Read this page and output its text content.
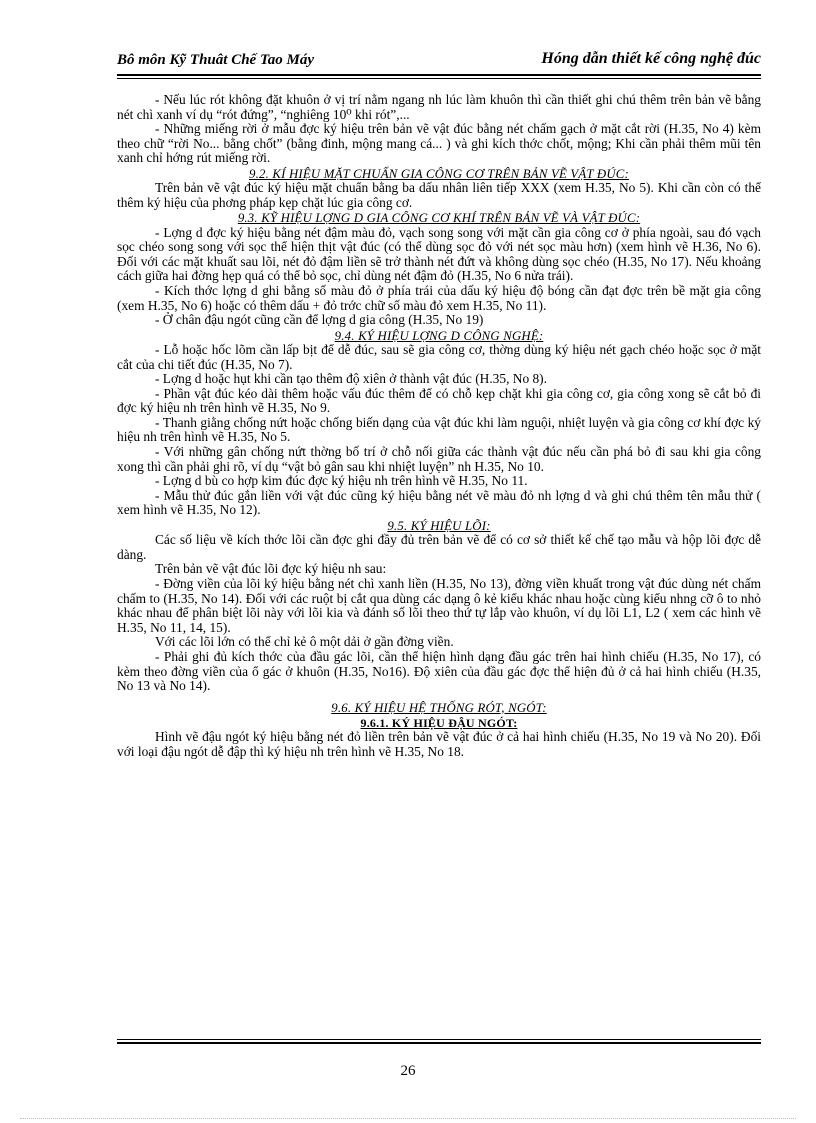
Bô môn Kỹ Thuât Chế Tao Máy	Hóng dẫn thiết kế công nghệ đúc

- Nếu lúc rót không đặt khuôn ở vị trí nằm ngang nh lúc làm khuôn thì cần thiết ghi chú thêm trên bản vẽ bằng nét chì xanh ví dụ “rót đứng”, “nghiêng 10⁰ khi rót”,...

- Những miếng rời ở mẫu đợc ký hiệu trên bản vẽ vật đúc bằng nét chấm gạch ở mặt cắt rời (H.35, No 4) kèm theo chữ “rời No... bằng chốt” (bằng đinh, mộng mang cá... ) và ghi kích thớc chốt, mộng; Khi cần phải thêm mũi tên xanh chỉ hớng rút miếng rời.

9.2. KÍ HIỆU MẶT CHUẨN GIA CÔNG CƠ TRÊN BẢN VẼ VẬT ĐÚC:

Trên bản vẽ vật đúc ký hiệu mặt chuẩn bằng ba dấu nhân liên tiếp XXX (xem H.35, No 5). Khi cần còn có thể thêm ký hiệu của phơng pháp kẹp chặt lúc gia công cơ.

9.3. KỸ HIỆU LỢNG D GIA CÔNG CƠ KHÍ TRÊN BẢN VẼ VÀ VẬT ĐÚC:

- Lợng d đợc ký hiệu bằng nét đậm màu đỏ, vạch song song với mặt cần gia công cơ ở phía ngoài, sau đó vạch sọc chéo song song với sọc thể hiện thịt vật đúc (có thể dùng sọc đỏ với nét sọc màu hơn) (xem hình vẽ H.36, No 6). Đối với các mặt khuất sau lõi, nét đỏ đậm liền sẽ trở thành nét đứt và không dùng sọc chéo (H.35, No 17). Nếu khoảng cách giữa hai đờng hẹp quá có thể bỏ sọc, chỉ dùng nét đậm đỏ (H.35, No 6 nửa trái).

- Kích thớc lợng d ghi bằng số màu đỏ ở phía trái của dấu ký hiệu độ bóng cần đạt đợc trên bề mặt gia công (xem H.35, No 6) hoặc có thêm dấu + đỏ trớc chữ số màu đỏ xem H.35, No 11).

- Ở chân đậu ngót cũng cần để lợng d gia công (H.35, No 19)

9.4. KÝ HIỆU LỢNG D CÔNG NGHỆ:

- Lỗ hoặc hốc lõm cần lấp bịt để dễ đúc, sau sẽ gia công cơ, thờng dùng ký hiệu nét gạch chéo hoặc sọc ở mặt cắt của chi tiết đúc (H.35, No 7).

- Lợng d hoặc hụt khi cần tạo thêm độ xiên ở thành vật đúc (H.35, No 8).

- Phần vật đúc kéo dài thêm hoặc vấu đúc thêm để có chỗ kẹp chặt khi gia công cơ, gia công xong sẽ cắt bỏ đi đợc ký hiệu nh trên hình vẽ H.35, No 9.

- Thanh giằng chống nứt hoặc chống biến dạng của vật đúc khi làm nguội, nhiệt luyện và gia công cơ khí đợc ký hiệu nh trên hình vẽ H.35, No 5.

- Với những gân chống nứt thờng bố trí ở chỗ nối giữa các thành vật đúc nếu cần phá bỏ đi sau khi gia công xong thì cần phải ghi rõ, ví dụ “vật bỏ gân sau khi nhiệt luyện” nh H.35, No 10.

- Lợng d bù co hợp kim đúc đợc ký hiệu nh trên hình vẽ H.35, No 11.

- Mẫu thử đúc gắn liền với vật đúc cũng ký hiệu bằng nét vẽ màu đỏ nh lợng d và ghi chú thêm tên mẫu thử ( xem hình vẽ H.35, No 12).

9.5. KÝ HIỆU LÕI:

Các số liệu về kích thớc lõi cần đợc ghi đầy đủ trên bản vẽ để có cơ sở thiết kế chế tạo mẫu và hộp lõi đợc dễ dàng.

Trên bản vẽ vật đúc lõi đợc ký hiệu nh sau:

- Đờng viền của lõi ký hiệu bằng nét chì xanh liền (H.35, No 13), đờng viền khuất trong vật đúc dùng nét chấm chấm to (H.35, No 14). Đối với các ruột bị cắt qua dùng các dạng ô kẻ kiểu khác nhau hoặc cùng kiểu nhng cỡ ô to nhỏ khác nhau để phân biệt lõi này với lõi kia và đánh số lõi theo thứ tự lắp vào khuôn, ví dụ lõi L1, L2 ( xem các hình vẽ H.35, No 11, 14, 15).

Với các lõi lớn có thể chỉ kẻ ô một dải ở gần đờng viền.

- Phải ghi đủ kích thớc của đầu gác lõi, cần thể hiện hình dạng đầu gác trên hai hình chiếu (H.35, No 17), có kèm theo đờng viền của ổ gác ở khuôn (H.35, No16). Độ xiên của đầu gác đợc thể hiện đủ ở cả hai hình chiếu (H.35, No 13 và No 14).

9.6. KÝ HIỆU HỆ THỐNG RÓT, NGÓT:
9.6.1. KÝ HIỆU ĐẬU NGÓT:

Hình vẽ đậu ngót ký hiệu bằng nét đỏ liền trên bản vẽ vật đúc ở cả hai hình chiếu (H.35, No 19 và No 20). Đối với loại đậu ngót dễ đập thì ký hiệu nh trên hình vẽ H.35, No 18.

26
